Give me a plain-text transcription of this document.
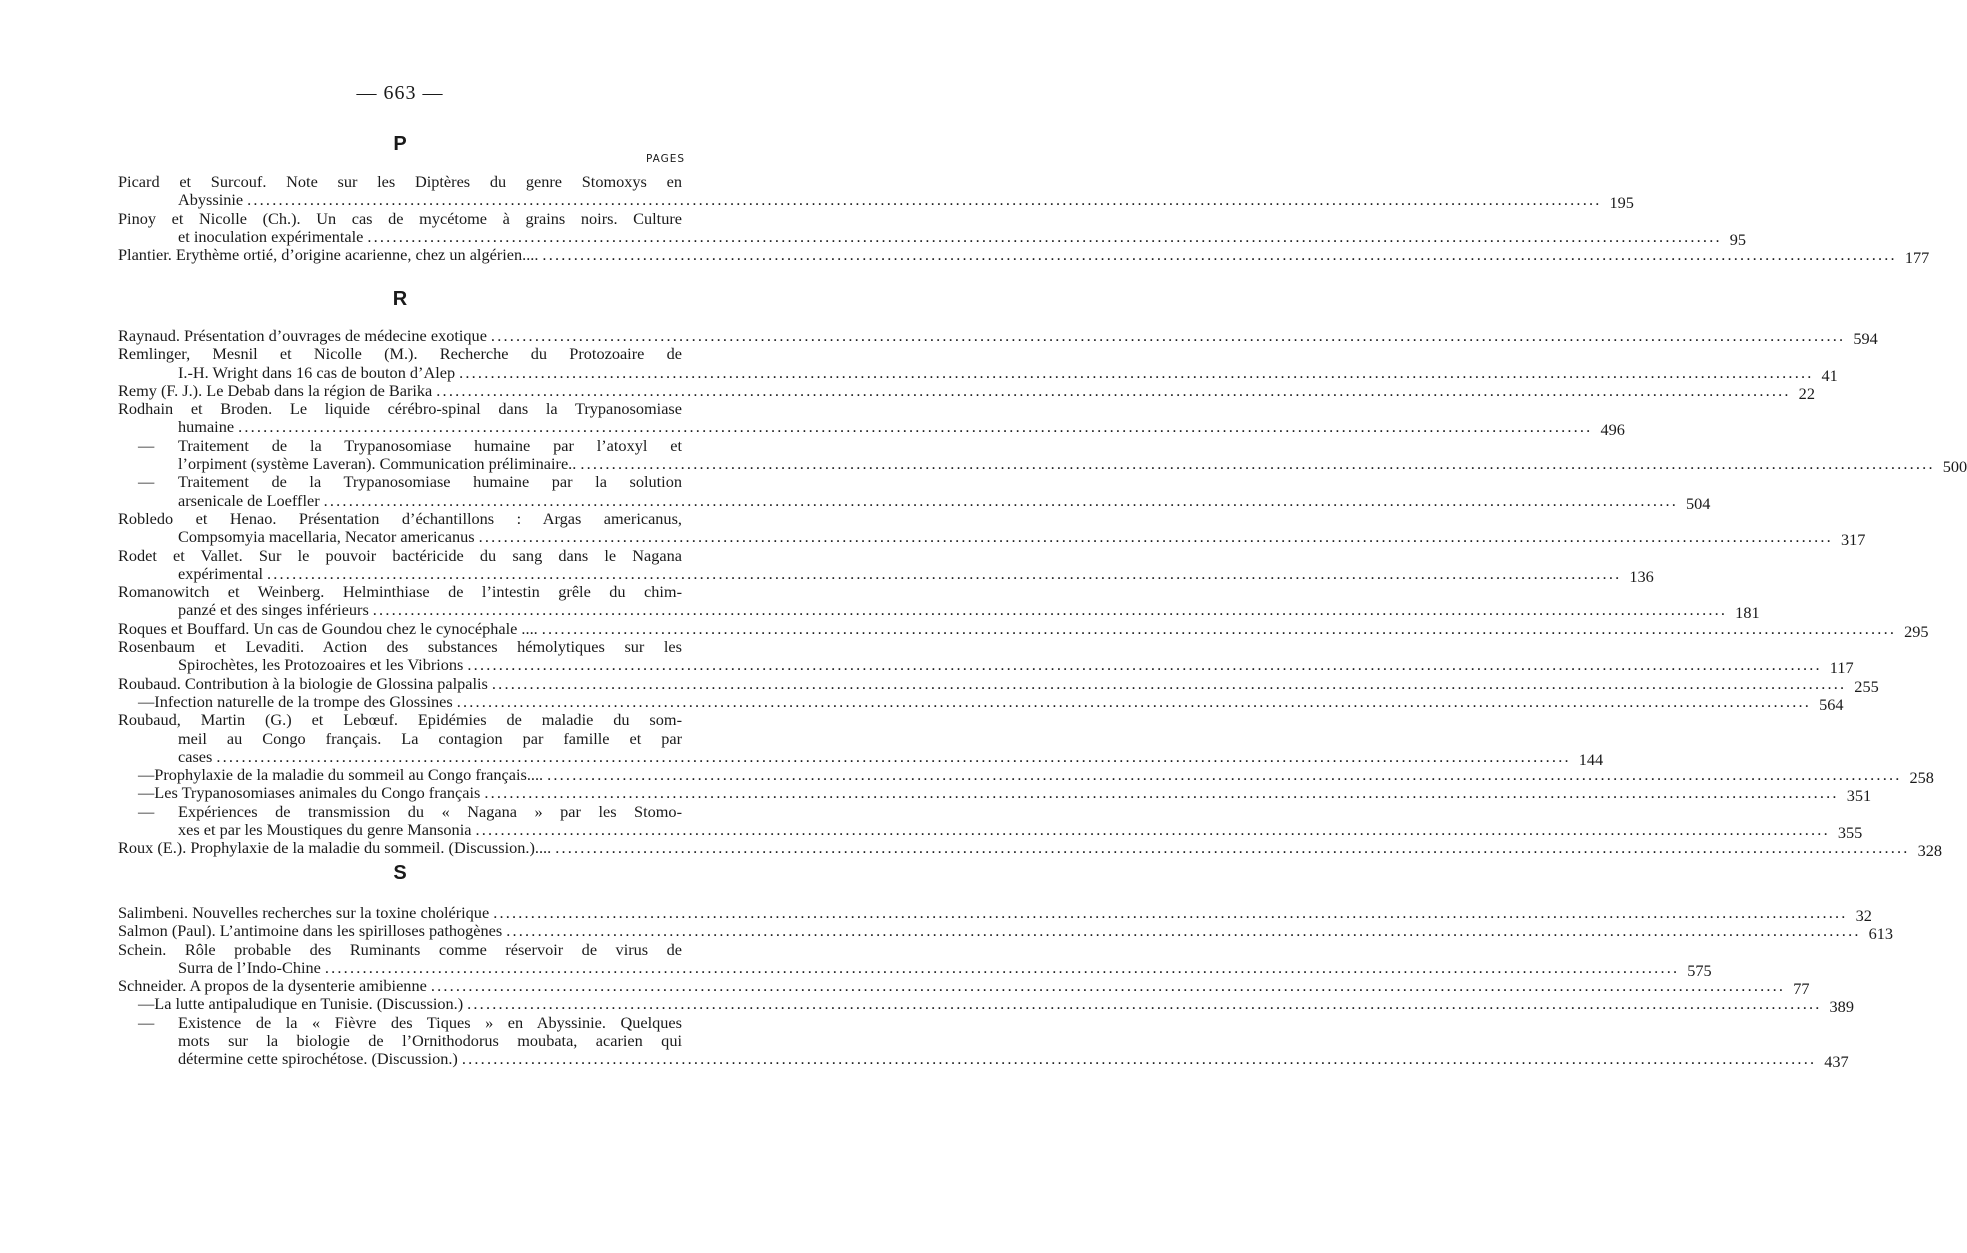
— 663 —
PAGES
P
Picard et Surcouf. Note sur les Diptères du genre Stomoxys en
Abyssinie .....	195
Pinoy et Nicolle (Ch.). Un cas de mycétome à grains noirs. Culture
et inoculation expérimentale .....	95
Plantier. Erythème ortié, d’origine acarienne, chez un algérien.... .....	177
R
Raynaud. Présentation d’ouvrages de médecine exotique .....	594
Remlinger, Mesnil et Nicolle (M.). Recherche du Protozoaire de
I.-H. Wright dans 16 cas de bouton d’Alep .....	41
Remy (F. J.). Le Debab dans la région de Barika .....	22
Rodhain et Broden. Le liquide cérébro-spinal dans la Trypanosomiase
humaine .....	496
—	Traitement de la Trypanosomiase humaine par l’atoxyl et
l’orpiment (système Laveran). Communication préliminaire.. .....	500
—	Traitement de la Trypanosomiase humaine par la solution
arsenicale de Loeffler .....	504
Robledo et Henao. Présentation d’échantillons : Argas americanus,
Compsomyia macellaria, Necator americanus .....	317
Rodet et Vallet. Sur le pouvoir bactéricide du sang dans le Nagana
expérimental .....	136
Romanowitch et Weinberg. Helminthiase de l’intestin grêle du chim-
panzé et des singes inférieurs .....	181
Roques et Bouffard. Un cas de Goundou chez le cynocéphale .... .....	295
Rosenbaum et Levaditi. Action des substances hémolytiques sur les
Spirochètes, les Protozoaires et les Vibrions .....	117
Roubaud. Contribution à la biologie de Glossina palpalis .....	255
— Infection naturelle de la trompe des Glossines .....	564
Roubaud, Martin (G.) et Lebœuf. Epidémies de maladie du som-
meil au Congo français. La contagion par famille et par
cases .....	144
— Prophylaxie de la maladie du sommeil au Congo français.... .....	258
— Les Trypanosomiases animales du Congo français .....	351
—	Expériences de transmission du « Nagana » par les Stomo-
xes et par les Moustiques du genre Mansonia .....	355
Roux (E.). Prophylaxie de la maladie du sommeil. (Discussion.).... .....	328
S
Salimbeni. Nouvelles recherches sur la toxine cholérique .....	32
Salmon (Paul). L’antimoine dans les spirilloses pathogènes .....	613
Schein. Rôle probable des Ruminants comme réservoir de virus de
Surra de l’Indo-Chine .....	575
Schneider. A propos de la dysenterie amibienne .....	77
— La lutte antipaludique en Tunisie. (Discussion.) .....	389
—	Existence de la « Fièvre des Tiques » en Abyssinie. Quelques
mots sur la biologie de l’Ornithodorus moubata, acarien qui
détermine cette spirochétose. (Discussion.) .....	437
